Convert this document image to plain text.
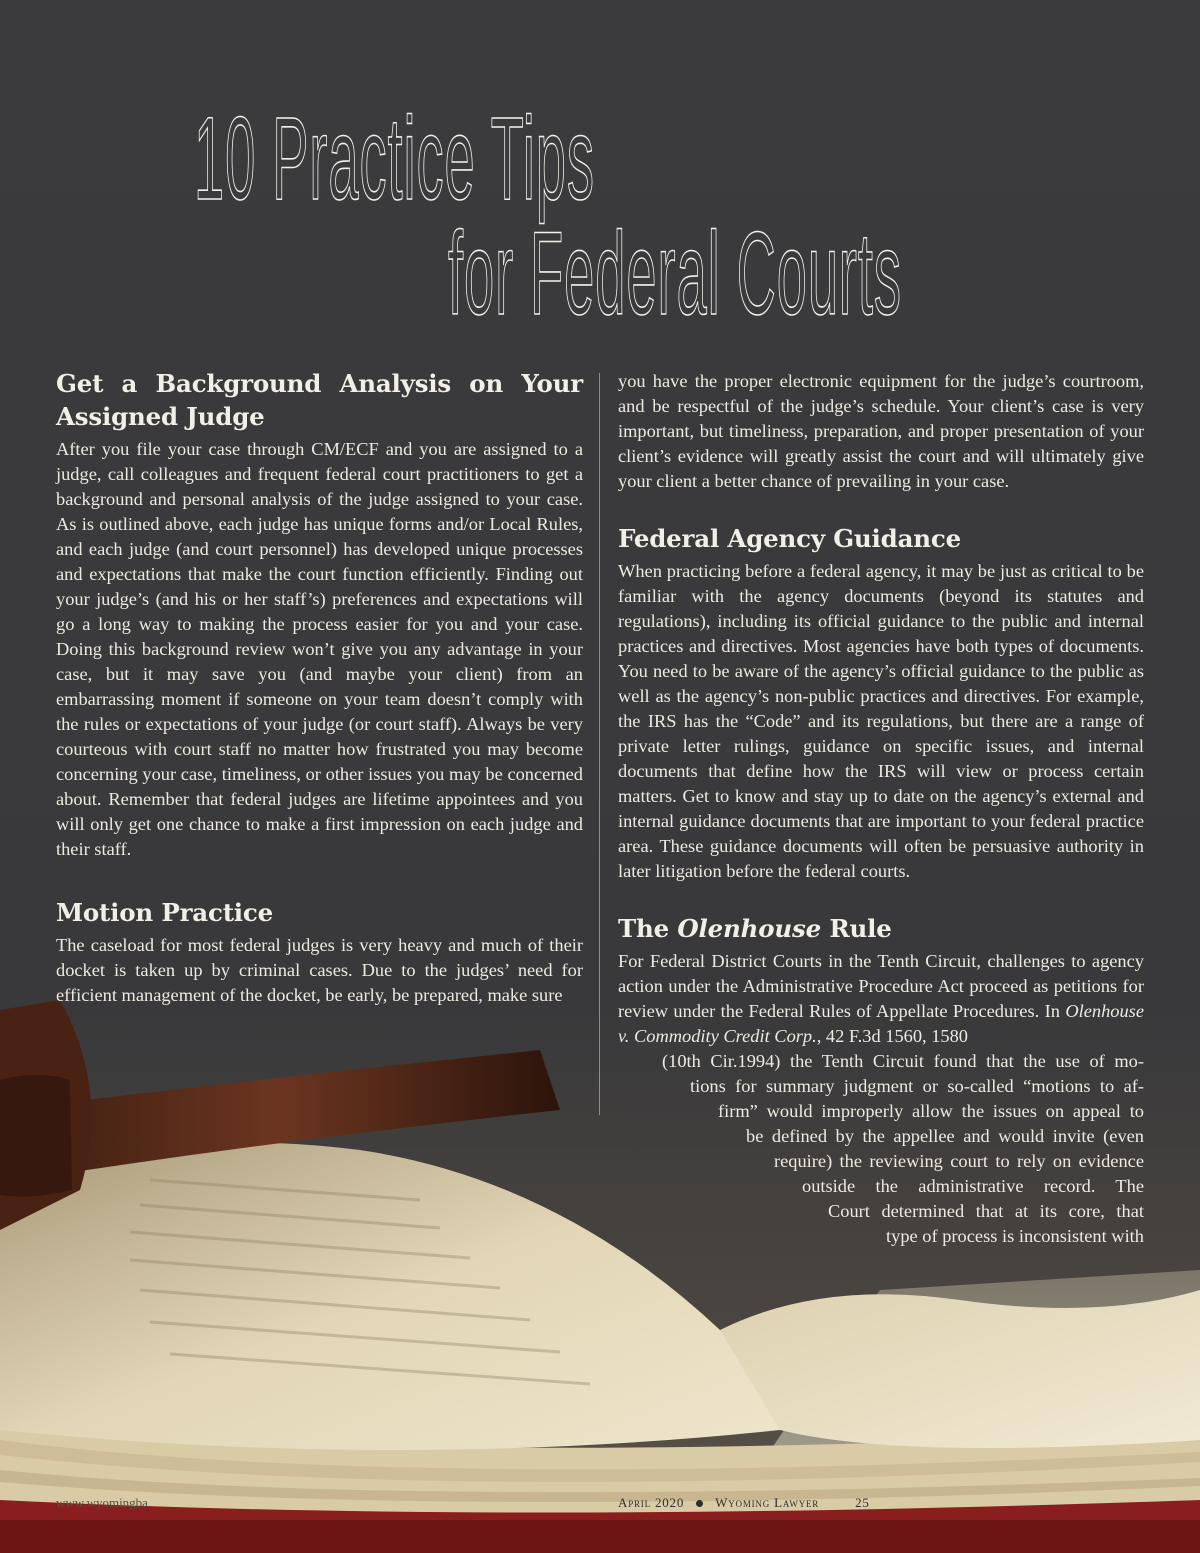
10 Practice Tips
for Federal Courts
Get a Background Analysis on Your Assigned Judge

After you file your case through CM/ECF and you are assigned to a judge, call colleagues and frequent federal court practitioners to get a background and personal analysis of the judge assigned to your case. As is outlined above, each judge has unique forms and/or Local Rules, and each judge (and court personnel) has developed unique processes and expectations that make the court function efficiently. Finding out your judge’s (and his or her staff’s) preferences and expectations will go a long way to making the process easier for you and your case. Doing this background review won’t give you any advantage in your case, but it may save you (and maybe your client) from an embarrassing moment if someone on your team doesn’t comply with the rules or expectations of your judge (or court staff). Always be very courteous with court staff no matter how frustrated you may become concerning your case, timeliness, or other issues you may be concerned about. Remember that federal judges are lifetime appointees and you will only get one chance to make a first impression on each judge and their staff.

Motion Practice

The caseload for most federal judges is very heavy and much of their docket is taken up by criminal cases. Due to the judges’ need for efficient management of the docket, be early, be prepared, make sure

you have the proper electronic equipment for the judge’s courtroom, and be respectful of the judge’s schedule. Your client’s case is very important, but timeliness, preparation, and proper presentation of your client’s evidence will greatly assist the court and will ultimately give your client a better chance of prevailing in your case.

Federal Agency Guidance

When practicing before a federal agency, it may be just as critical to be familiar with the agency documents (beyond its statutes and regulations), including its official guidance to the public and internal practices and directives. Most agencies have both types of documents. You need to be aware of the agency’s official guidance to the public as well as the agency’s non-public practices and directives. For example, the IRS has the “Code” and its regulations, but there are a range of private letter rulings, guidance on specific issues, and internal documents that define how the IRS will view or process certain matters. Get to know and stay up to date on the agency’s external and internal guidance documents that are important to your federal practice area. These guidance documents will often be persuasive authority in later litigation before the federal courts.

The Olenhouse Rule

For Federal District Courts in the Tenth Circuit, challenges to agency action under the Administrative Procedure Act proceed as petitions for review under the Federal Rules of Appellate Procedures. In Olenhouse v. Commodity Credit Corp., 42 F.3d 1560, 1580

(10th Cir.1994) the Tenth Circuit found that the use of mo-
tions for summary judgment or so-called “motions to af-
firm” would improperly allow the issues on appeal to
be defined by the appellee and would invite (even
require) the reviewing court to rely on evidence
outside the administrative record. The
Court determined that at its core, that
type of process is inconsistent with
www.wyomingba	April 2020 Wyoming Lawyer	25
